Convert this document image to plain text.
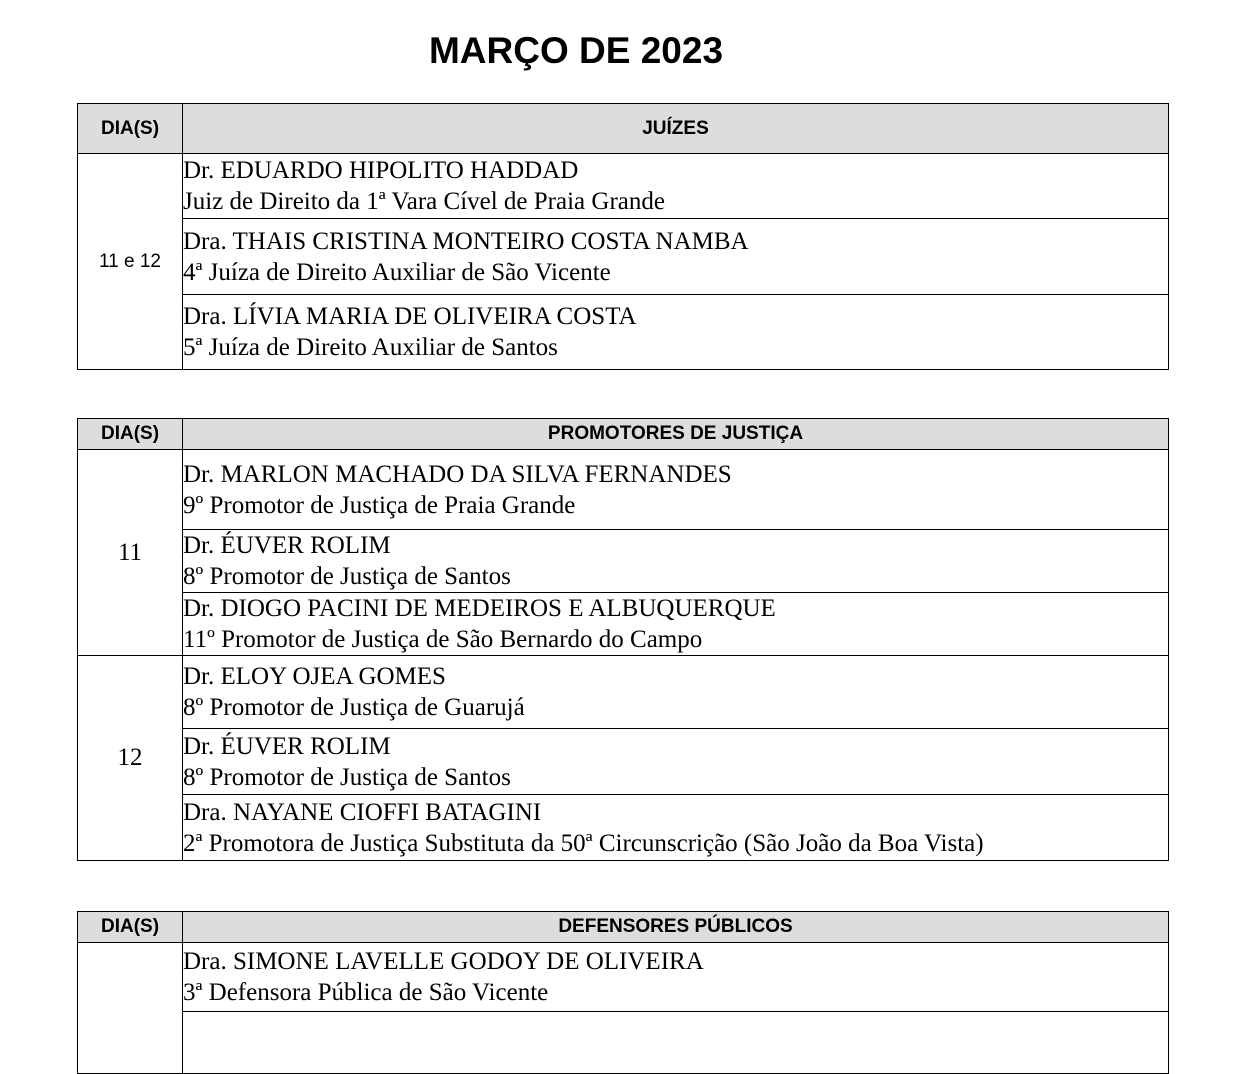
MARÇO DE 2023
DIA(S)	JUÍZES
11 e 12	Dr. EDUARDO HIPOLITO HADDAD
Juiz de Direito da 1ª Vara Cível de Praia Grande

	Dra. THAIS CRISTINA MONTEIRO COSTA NAMBA
4ª Juíza de Direito Auxiliar de São Vicente

	Dra. LÍVIA MARIA DE OLIVEIRA COSTA
5ª Juíza de Direito Auxiliar de Santos
DIA(S)	PROMOTORES DE JUSTIÇA
11	Dr. MARLON MACHADO DA SILVA FERNANDES
9º Promotor de Justiça de Praia Grande

	Dr. ÉUVER ROLIM
8º Promotor de Justiça de Santos

	Dr. DIOGO PACINI DE MEDEIROS E ALBUQUERQUE
11º Promotor de Justiça de São Bernardo do Campo

12	Dr. ELOY OJEA GOMES
8º Promotor de Justiça de Guarujá

	Dr. ÉUVER ROLIM
8º Promotor de Justiça de Santos

	Dra. NAYANE CIOFFI BATAGINI
2ª Promotora de Justiça Substituta da 50ª Circunscrição (São João da Boa Vista)
DIA(S)	DEFENSORES PÚBLICOS

	Dra. SIMONE LAVELLE GODOY DE OLIVEIRA
3ª Defensora Pública de São Vicente
